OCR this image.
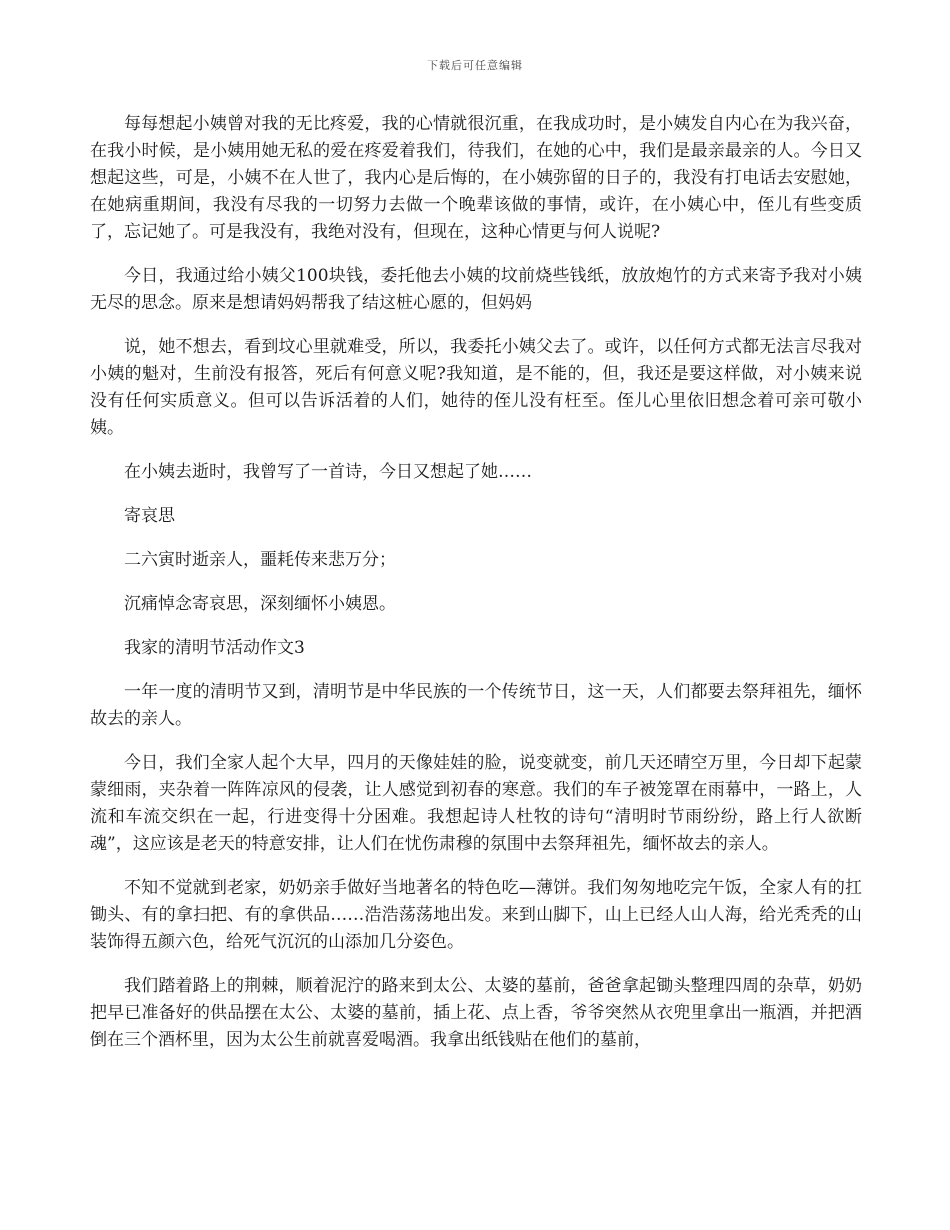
下载后可任意编辑

每每想起小姨曾对我的无比疼爱，我的心情就很沉重，在我成功时，是小姨发自内心在为我兴奋，在我小时候，是小姨用她无私的爱在疼爱着我们，待我们，在她的心中，我们是最亲最亲的人。今日又想起这些，可是，小姨不在人世了，我内心是后悔的，在小姨弥留的日子的，我没有打电话去安慰她，在她病重期间，我没有尽我的一切努力去做一个晚辈该做的事情，或许，在小姨心中，侄儿有些变质了，忘记她了。可是我没有，我绝对没有，但现在，这种心情更与何人说呢?

今日，我通过给小姨父100块钱，委托他去小姨的坟前烧些钱纸，放放炮竹的方式来寄予我对小姨无尽的思念。原来是想请妈妈帮我了结这桩心愿的，但妈妈

说，她不想去，看到坟心里就难受，所以，我委托小姨父去了。或许，以任何方式都无法言尽我对小姨的魁对，生前没有报答，死后有何意义呢?我知道，是不能的，但，我还是要这样做，对小姨来说没有任何实质意义。但可以告诉活着的人们，她待的侄儿没有枉至。侄儿心里依旧想念着可亲可敬小姨。

在小姨去逝时，我曾写了一首诗，今日又想起了她……

寄哀思

二六寅时逝亲人，噩耗传来悲万分；

沉痛悼念寄哀思，深刻缅怀小姨恩。

我家的清明节活动作文3

一年一度的清明节又到，清明节是中华民族的一个传统节日，这一天，人们都要去祭拜祖先，缅怀故去的亲人。

今日，我们全家人起个大早，四月的天像娃娃的脸，说变就变，前几天还晴空万里，今日却下起蒙蒙细雨，夹杂着一阵阵凉风的侵袭，让人感觉到初春的寒意。我们的车子被笼罩在雨幕中，一路上，人流和车流交织在一起，行进变得十分困难。我想起诗人杜牧的诗句“清明时节雨纷纷，路上行人欲断魂”，这应该是老天的特意安排，让人们在忧伤肃穆的氛围中去祭拜祖先，缅怀故去的亲人。

不知不觉就到老家，奶奶亲手做好当地著名的特色吃—薄饼。我们匆匆地吃完午饭，全家人有的扛锄头、有的拿扫把、有的拿供品……浩浩荡荡地出发。来到山脚下，山上已经人山人海，给光秃秃的山装饰得五颜六色，给死气沉沉的山添加几分姿色。

我们踏着路上的荆棘，顺着泥泞的路来到太公、太婆的墓前，爸爸拿起锄头整理四周的杂草，奶奶把早已准备好的供品摆在太公、太婆的墓前，插上花、点上香，爷爷突然从衣兜里拿出一瓶酒，并把酒倒在三个酒杯里，因为太公生前就喜爱喝酒。我拿出纸钱贴在他们的墓前，
